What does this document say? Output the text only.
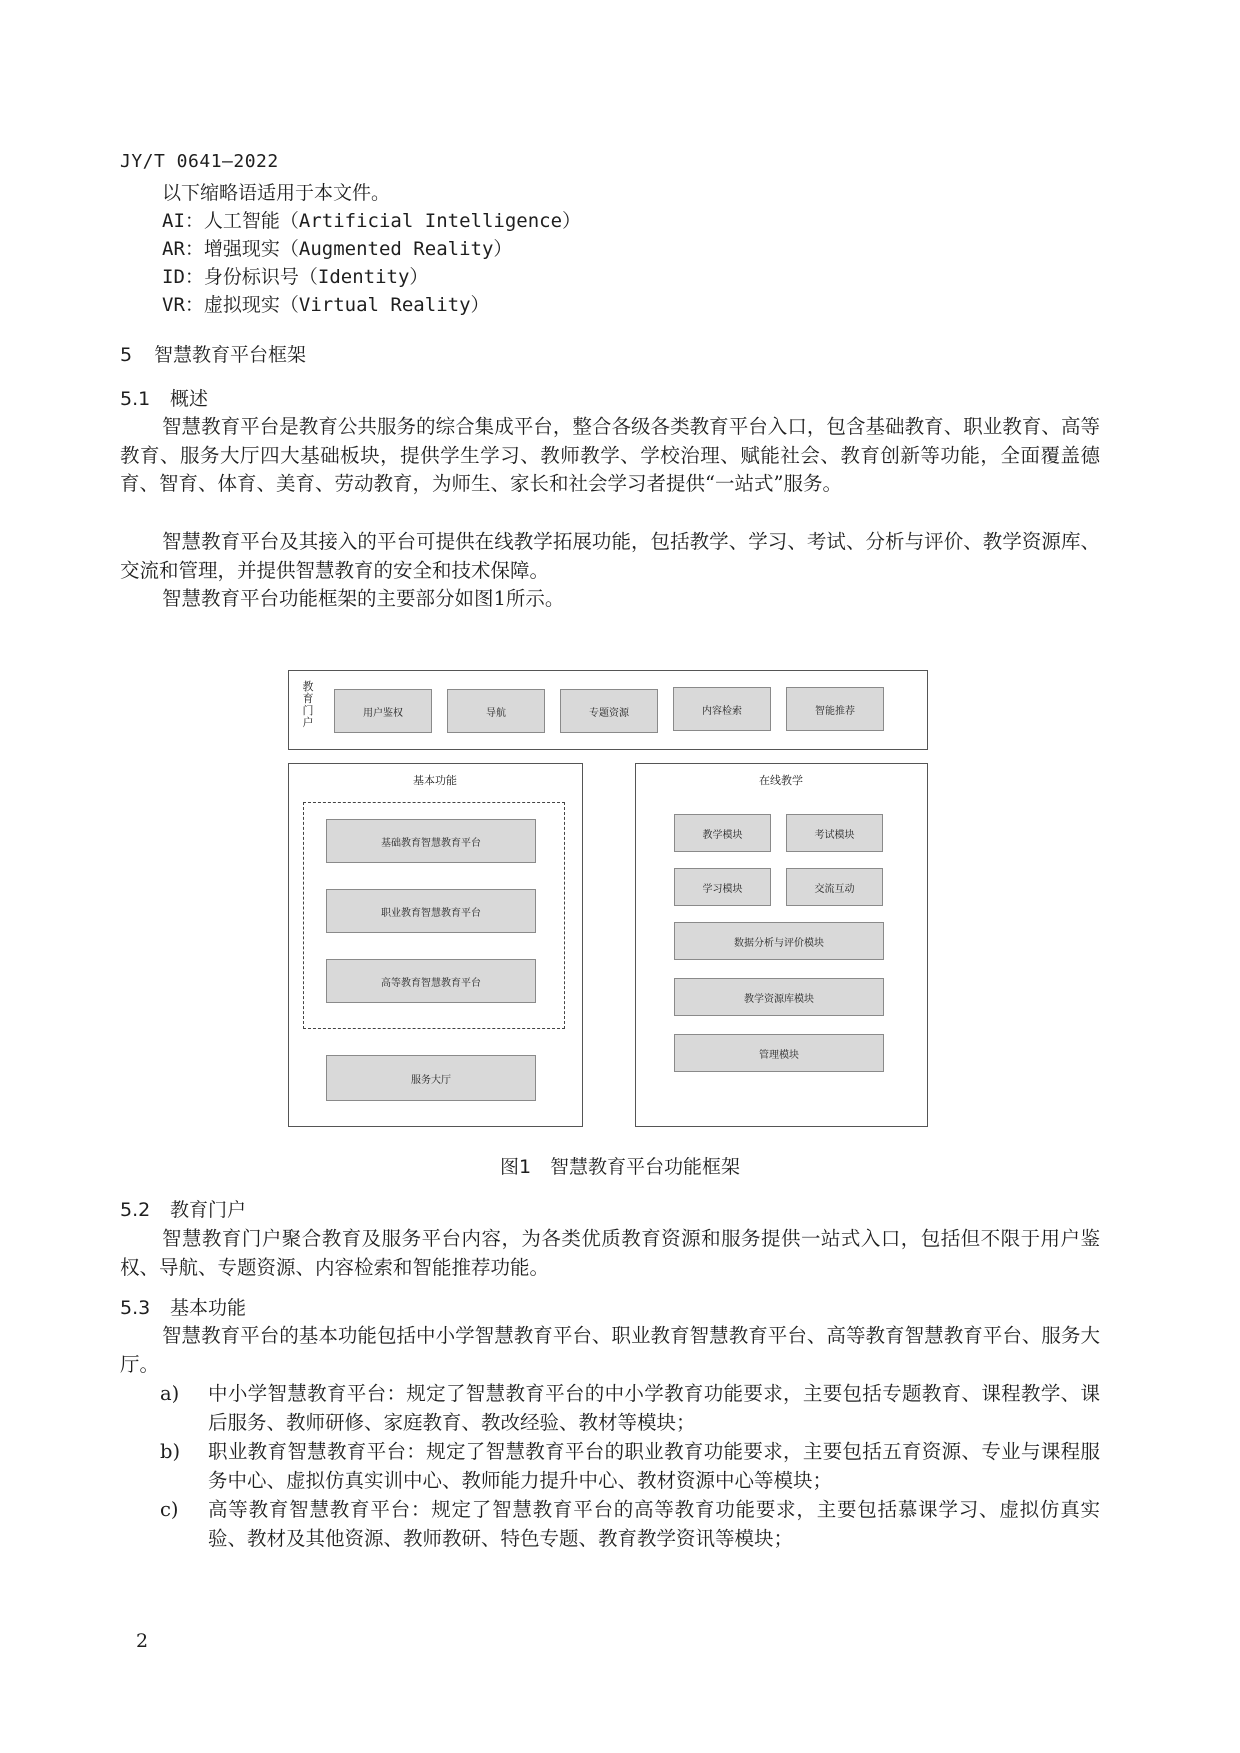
JY/T 0641—2022
以下缩略语适用于本文件。
AI：人工智能（Artificial Intelligence）
AR：增强现实（Augmented Reality）
ID：身份标识号（Identity）
VR：虚拟现实（Virtual Reality）
5 智慧教育平台框架
5.1 概述
智慧教育平台是教育公共服务的综合集成平台，整合各级各类教育平台入口，包含基础教育、职业教育、高等教育、服务大厅四大基础板块，提供学生学习、教师教学、学校治理、赋能社会、教育创新等功能，全面覆盖德育、智育、体育、美育、劳动教育，为师生、家长和社会学习者提供“一站式”服务。
智慧教育平台及其接入的平台可提供在线教学拓展功能，包括教学、学习、考试、分析与评价、教学资源库、交流和管理，并提供智慧教育的安全和技术保障。
智慧教育平台功能框架的主要部分如图1所示。
教育门户
用户鉴权	导航	专题资源	内容检索	智能推荐
基本功能
基础教育智慧教育平台
职业教育智慧教育平台
高等教育智慧教育平台
服务大厅
在线教学
教学模块	考试模块
学习模块	交流互动
数据分析与评价模块
教学资源库模块
管理模块
图1　智慧教育平台功能框架
5.2 教育门户
智慧教育门户聚合教育及服务平台内容，为各类优质教育资源和服务提供一站式入口，包括但不限于用户鉴权、导航、专题资源、内容检索和智能推荐功能。
5.3 基本功能
智慧教育平台的基本功能包括中小学智慧教育平台、职业教育智慧教育平台、高等教育智慧教育平台、服务大厅。
a)	中小学智慧教育平台：规定了智慧教育平台的中小学教育功能要求，主要包括专题教育、课程教学、课后服务、教师研修、家庭教育、教改经验、教材等模块；
b)	职业教育智慧教育平台：规定了智慧教育平台的职业教育功能要求，主要包括五育资源、专业与课程服务中心、虚拟仿真实训中心、教师能力提升中心、教材资源中心等模块；
c)	高等教育智慧教育平台：规定了智慧教育平台的高等教育功能要求，主要包括慕课学习、虚拟仿真实验、教材及其他资源、教师教研、特色专题、教育教学资讯等模块；
2
